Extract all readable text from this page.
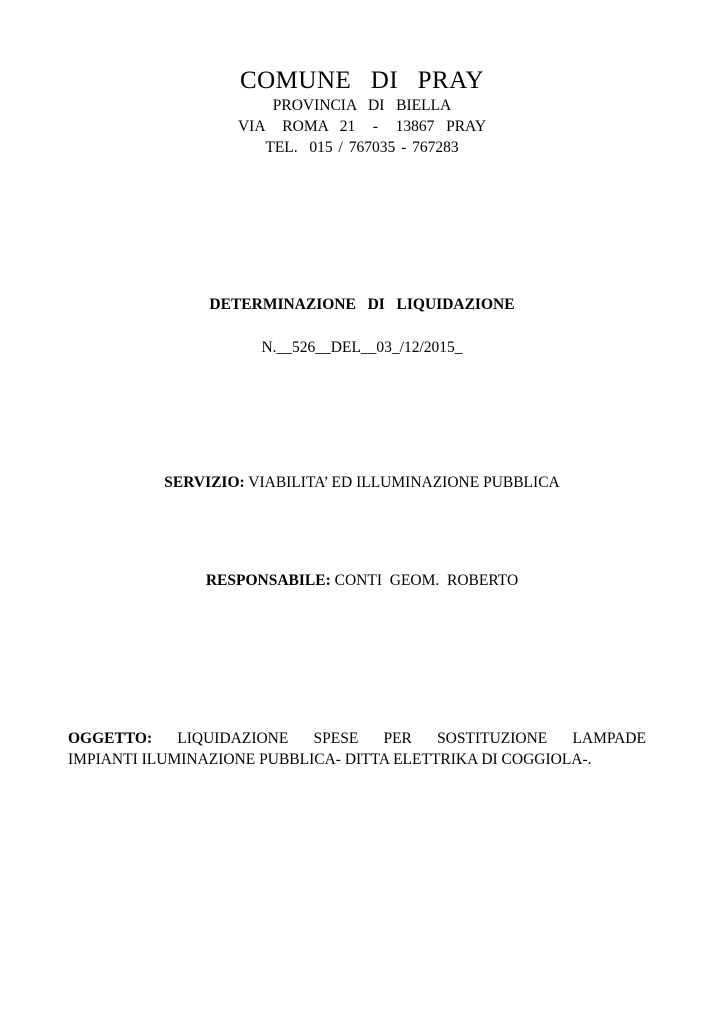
COMUNE  DI  PRAY
PROVINCIA  DI  BIELLA
VIA   ROMA  21   -   13867  PRAY
TEL.  015 / 767035 - 767283
DETERMINAZIONE  DI  LIQUIDAZIONE
N.__526__DEL__03_/12/2015_
SERVIZIO: VIABILITA’ ED ILLUMINAZIONE PUBBLICA
RESPONSABILE: CONTI  GEOM.  ROBERTO
OGGETTO: LIQUIDAZIONE SPESE PER SOSTITUZIONE LAMPADE
IMPIANTI ILUMINAZIONE PUBBLICA- DITTA ELETTRIKA DI COGGIOLA-.
